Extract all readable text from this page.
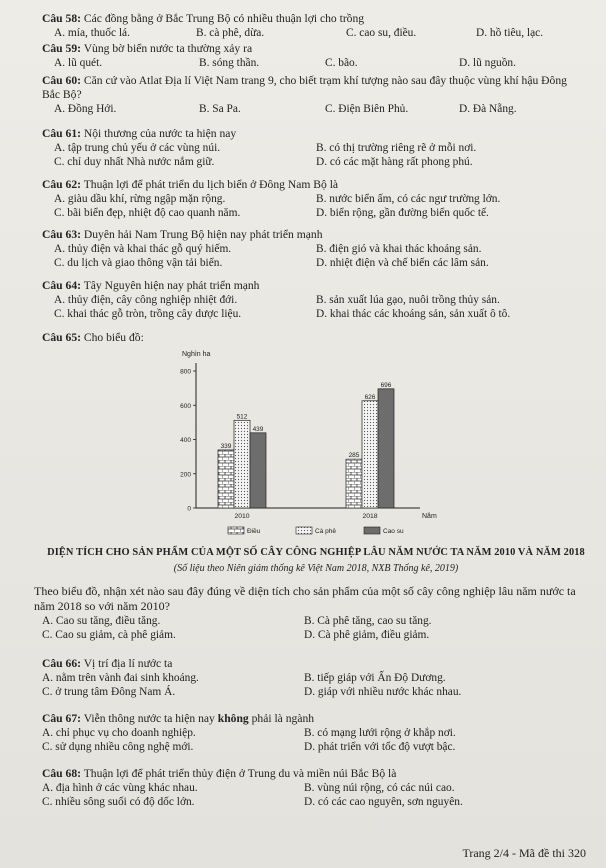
Câu 58: Các đồng bằng ở Bắc Trung Bộ có nhiều thuận lợi cho trồng
A. mía, thuốc lá.	B. cà phê, dừa.	C. cao su, điều.	D. hồ tiêu, lạc.
Câu 59: Vùng bờ biển nước ta thường xảy ra
A. lũ quét.	B. sóng thần.	C. bão.	D. lũ nguồn.
Câu 60: Căn cứ vào Atlat Địa lí Việt Nam trang 9, cho biết trạm khí tượng nào sau đây thuộc vùng khí hậu Đông Bắc Bộ?
A. Đồng Hới.	B. Sa Pa.	C. Điện Biên Phủ.	D. Đà Nẵng.
Câu 61: Nội thương của nước ta hiện nay
A. tập trung chủ yếu ở các vùng núi.	B. có thị trường riêng rẽ ở mỗi nơi.
C. chỉ duy nhất Nhà nước nắm giữ.	D. có các mặt hàng rất phong phú.
Câu 62: Thuận lợi để phát triển du lịch biển ở Đông Nam Bộ là
A. giàu dầu khí, rừng ngập mặn rộng.	B. nước biển ấm, có các ngư trường lớn.
C. bãi biển đẹp, nhiệt độ cao quanh năm.	D. biển rộng, gần đường biển quốc tế.
Câu 63: Duyên hải Nam Trung Bộ hiện nay phát triển mạnh
A. thủy điện và khai thác gỗ quý hiếm.	B. điện gió và khai thác khoáng sản.
C. du lịch và giao thông vận tải biển.	D. nhiệt điện và chế biến các lâm sản.
Câu 64: Tây Nguyên hiện nay phát triển mạnh
A. thủy điện, cây công nghiệp nhiệt đới.	B. sản xuất lúa gạo, nuôi trồng thủy sản.
C. khai thác gỗ tròn, trồng cây dược liệu.	D. khai thác các khoáng sản, sản xuất ô tô.
Câu 65: Cho biểu đồ:
Nghìn ha
Năm
0
200
400
600
800
339
512
439
2010
285
626
696
2018
Điều	Cà phê	Cao su
DIỆN TÍCH CHO SẢN PHẨM CỦA MỘT SỐ CÂY CÔNG NGHIỆP LÂU NĂM NƯỚC TA NĂM 2010 VÀ NĂM 2018
(Số liệu theo Niên giám thống kê Việt Nam 2018, NXB Thống kê, 2019)
Theo biểu đồ, nhận xét nào sau đây đúng về diện tích cho sản phẩm của một số cây công nghiệp lâu năm nước ta năm 2018 so với năm 2010?
A. Cao su tăng, điều tăng.	B. Cà phê tăng, cao su tăng.
C. Cao su giảm, cà phê giảm.	D. Cà phê giảm, điều giảm.
Câu 66: Vị trí địa lí nước ta
A. nằm trên vành đai sinh khoáng.	B. tiếp giáp với Ấn Độ Dương.
C. ở trung tâm Đông Nam Á.	D. giáp với nhiều nước khác nhau.
Câu 67: Viễn thông nước ta hiện nay không phải là ngành
A. chỉ phục vụ cho doanh nghiệp.	B. có mạng lưới rộng ở khắp nơi.
C. sử dụng nhiều công nghệ mới.	D. phát triển với tốc độ vượt bậc.
Câu 68: Thuận lợi để phát triển thủy điện ở Trung du và miền núi Bắc Bộ là
A. địa hình ở các vùng khác nhau.	B. vùng núi rộng, có các núi cao.
C. nhiều sông suối có độ dốc lớn.	D. có các cao nguyên, sơn nguyên.
Trang 2/4 - Mã đề thi 320
